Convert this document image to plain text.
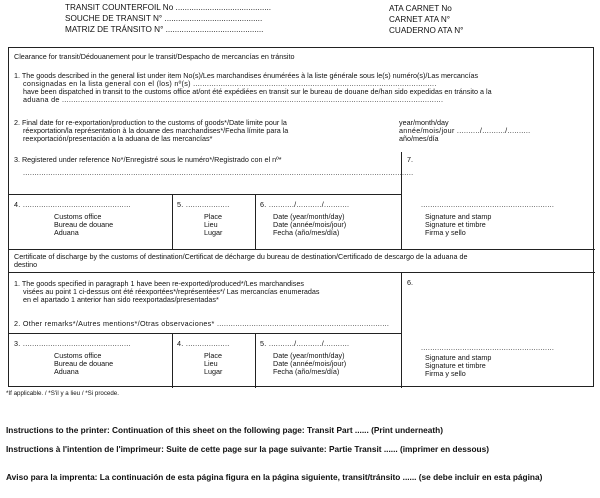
TRANSIT COUNTERFOIL No ..........................................
SOUCHE DE TRANSIT N° ...........................................
MATRIZ DE TRÁNSITO N° ...........................................
ATA CARNET No
CARNET ATA N°
CUADERNO ATA N°
Clearance for transit/Dédouanement pour le transit/Despacho de mercancías en tránsito
1. The goods described in the general list under item No(s)/Les marchandises énumérées à la liste générale sous le(s) numéro(s)/Las mercancías
consignadas en la lista general con el (los) nº(s) ..........................................................................................................
have been dispatched in transit to the customs office at/ont été expédiées en transit sur le bureau de douane de/han sido expedidas en tránsito a la
aduana de ......................................................................................................................................................................
2. Final date for re-exportation/production to the customs of goods*/Date limite pour la
réexportation/la représentation à la douane des marchandises*/Fecha límite para la
reexportación/presentación a la aduana de las mercancías*
year/month/day
année/mois/jour ........../........../..........
año/mes/día
3. Registered under reference No*/Enregistré sous le numéro*/Registrado con el nº*
..........................................................................................................................................................................
7.
4. ...............................................
Customs office
Bureau de douane
Aduana
5. ...................
Place
Lieu
Lugar
6. .........../.........../...........
Date (year/month/day)
Date (année/mois/jour)
Fecha (año/mes/día)
..........................................................
Signature and stamp
Signature et timbre
Firma y sello
Certificate of discharge by the customs of destination/Certificat de décharge du bureau de destination/Certificado de descargo de la aduana de
destino
6.
1. The goods specified in paragraph 1 have been re-exported/produced*/Les marchandises
visées au point 1 ci-dessus ont été réexportées*/représentées*/ Las mercancías enumeradas
en el apartado 1 anterior han sido reexportadas/presentadas*
2. Other remarks*/Autres mentions*/Otras observaciones* ...........................................................................
3. ...............................................
Customs office
Bureau de douane
Aduana
4. ...................
Place
Lieu
Lugar
5. .........../.........../...........
Date (year/month/day)
Date (année/mois/jour)
Fecha (año/mes/día)
..........................................................
Signature and stamp
Signature et timbre
Firma y sello
*If applicable. / *S'il y a lieu / *Si procede.
Instructions to the printer: Continuation of this sheet on the following page: Transit Part ...... (Print underneath)
Instructions à l'intention de l'imprimeur: Suite de cette page sur la page suivante: Partie Transit ...... (imprimer en dessous)
Aviso para la imprenta: La continuación de esta página figura en la página siguiente, transit/tránsito ...... (se debe incluir en esta página)
